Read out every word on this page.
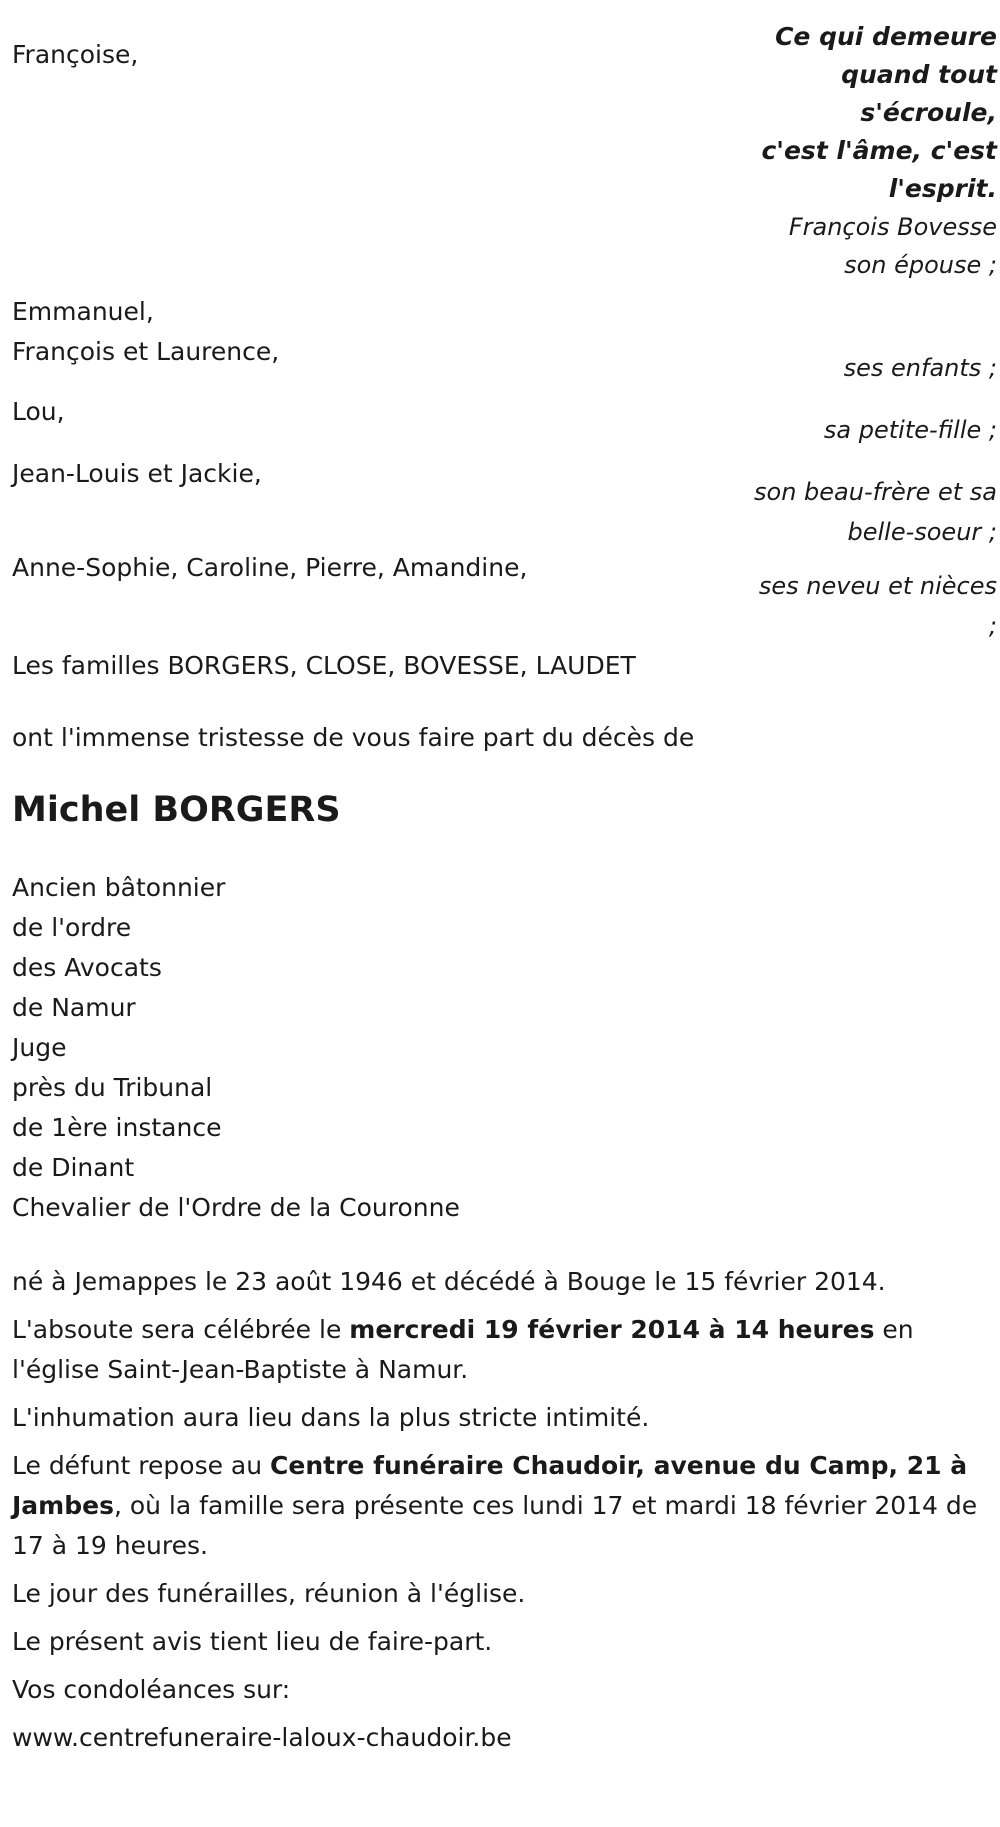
Françoise,
Ce qui demeure
quand tout
s'écroule,
c'est l'âme, c'est
l'esprit.
François Bovesse
son épouse ;
Emmanuel,
François et Laurence,
ses enfants ;
Lou,
sa petite-fille ;
Jean-Louis et Jackie,
son beau-frère et sa
belle-soeur ;
Anne-Sophie, Caroline, Pierre, Amandine,
ses neveu et nièces
;
Les familles BORGERS, CLOSE, BOVESSE, LAUDET
ont l'immense tristesse de vous faire part du décès de
Michel BORGERS
Ancien bâtonnier
de l'ordre
des Avocats
de Namur
Juge
près du Tribunal
de 1ère instance
de Dinant
Chevalier de l'Ordre de la Couronne

né à Jemappes le 23 août 1946 et décédé à Bouge le 15 février 2014.

L'absoute sera célébrée le mercredi 19 février 2014 à 14 heures en l'église Saint-Jean-Baptiste à Namur.

L'inhumation aura lieu dans la plus stricte intimité.

Le défunt repose au Centre funéraire Chaudoir, avenue du Camp, 21 à Jambes, où la famille sera présente ces lundi 17 et mardi 18 février 2014 de 17 à 19 heures.

Le jour des funérailles, réunion à l'église.

Le présent avis tient lieu de faire-part.

Vos condoléances sur:

www.centrefuneraire-laloux-chaudoir.be
